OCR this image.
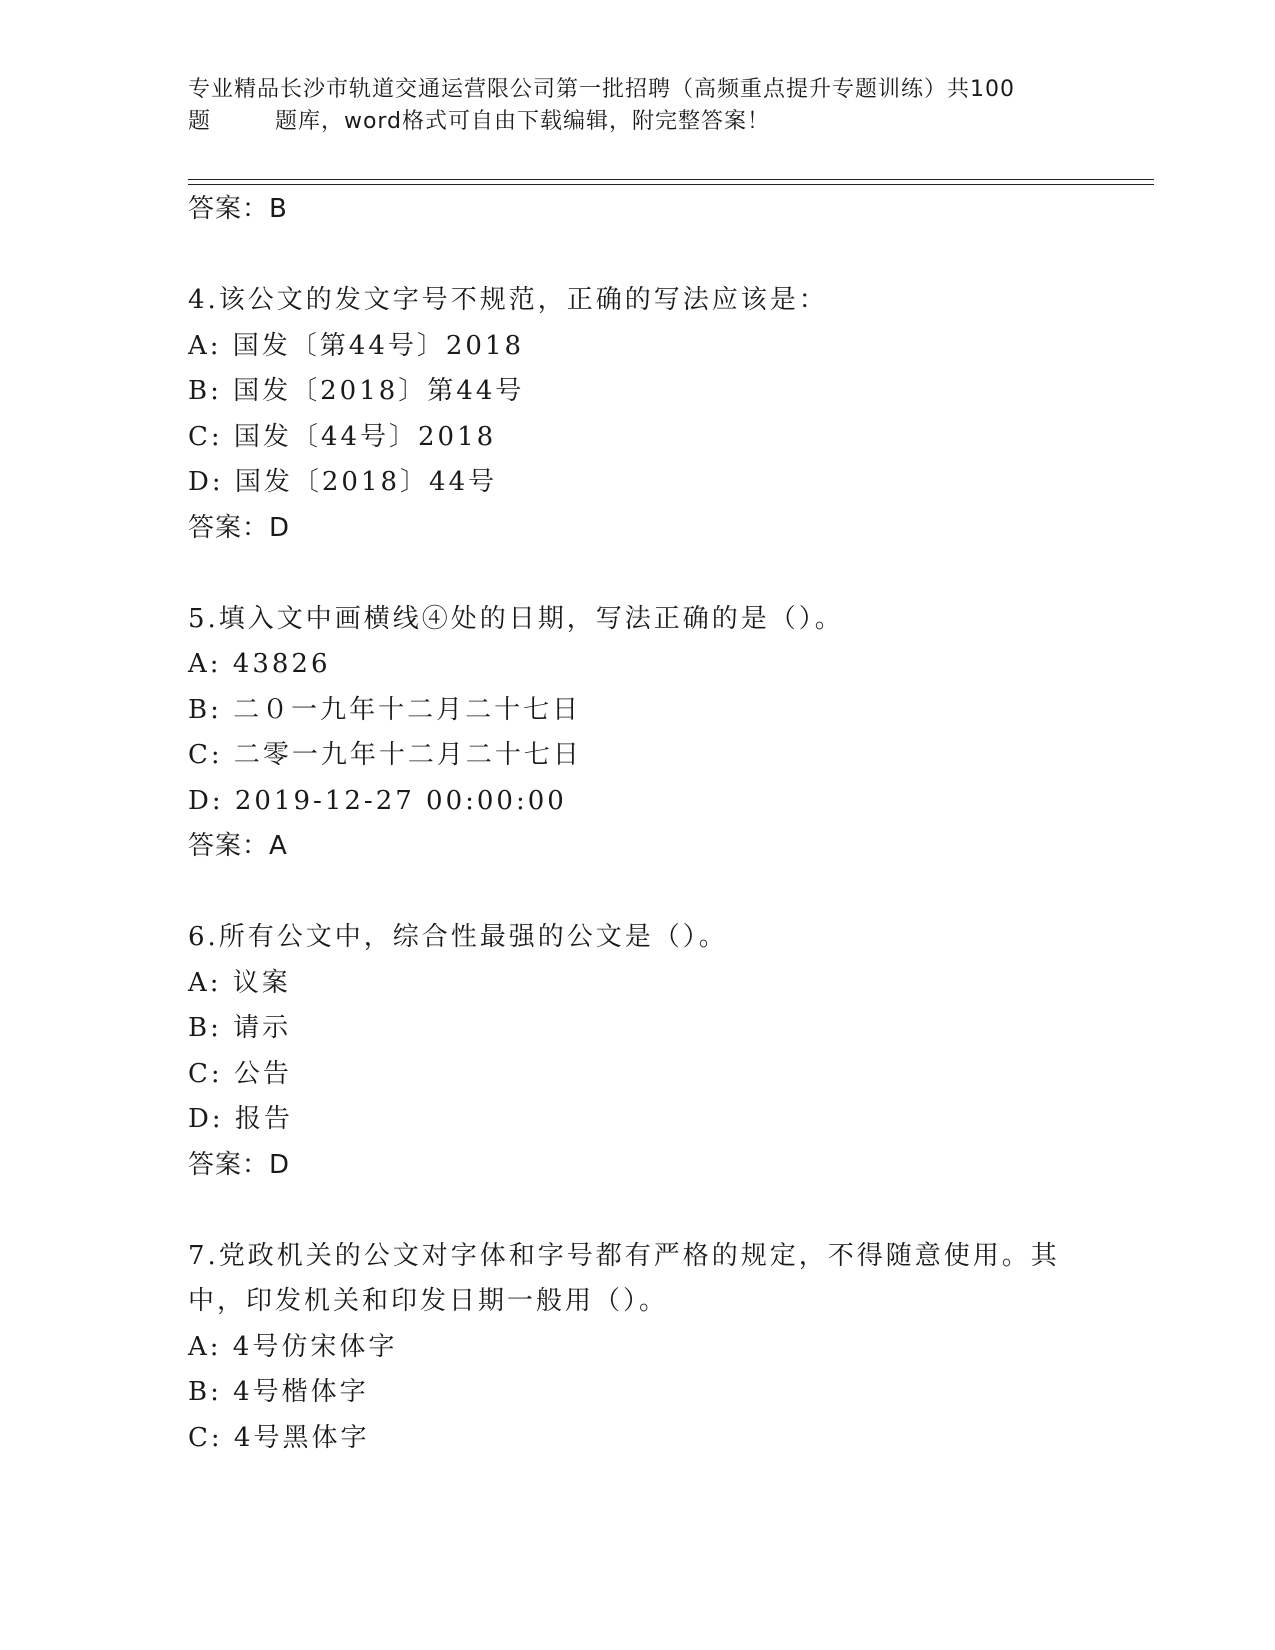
专业精品长沙市轨道交通运营限公司第一批招聘（高频重点提升专题训练）共100
题        题库，word格式可自由下载编辑，附完整答案！
答案：B
4.该公文的发文字号不规范，正确的写法应该是：
A: 国发〔第44号〕2018
B: 国发〔2018〕第44号
C: 国发〔44号〕2018
D: 国发〔2018〕44号
答案：D
5.填入文中画横线④处的日期，写法正确的是（）。
A: 43826
B: 二０一九年十二月二十七日
C: 二零一九年十二月二十七日
D: 2019-12-27 00:00:00
答案：A
6.所有公文中，综合性最强的公文是（）。
A: 议案
B: 请示
C: 公告
D: 报告
答案：D
7.党政机关的公文对字体和字号都有严格的规定，不得随意使用。其
中，印发机关和印发日期一般用（）。
A: 4号仿宋体字
B: 4号楷体字
C: 4号黑体字
